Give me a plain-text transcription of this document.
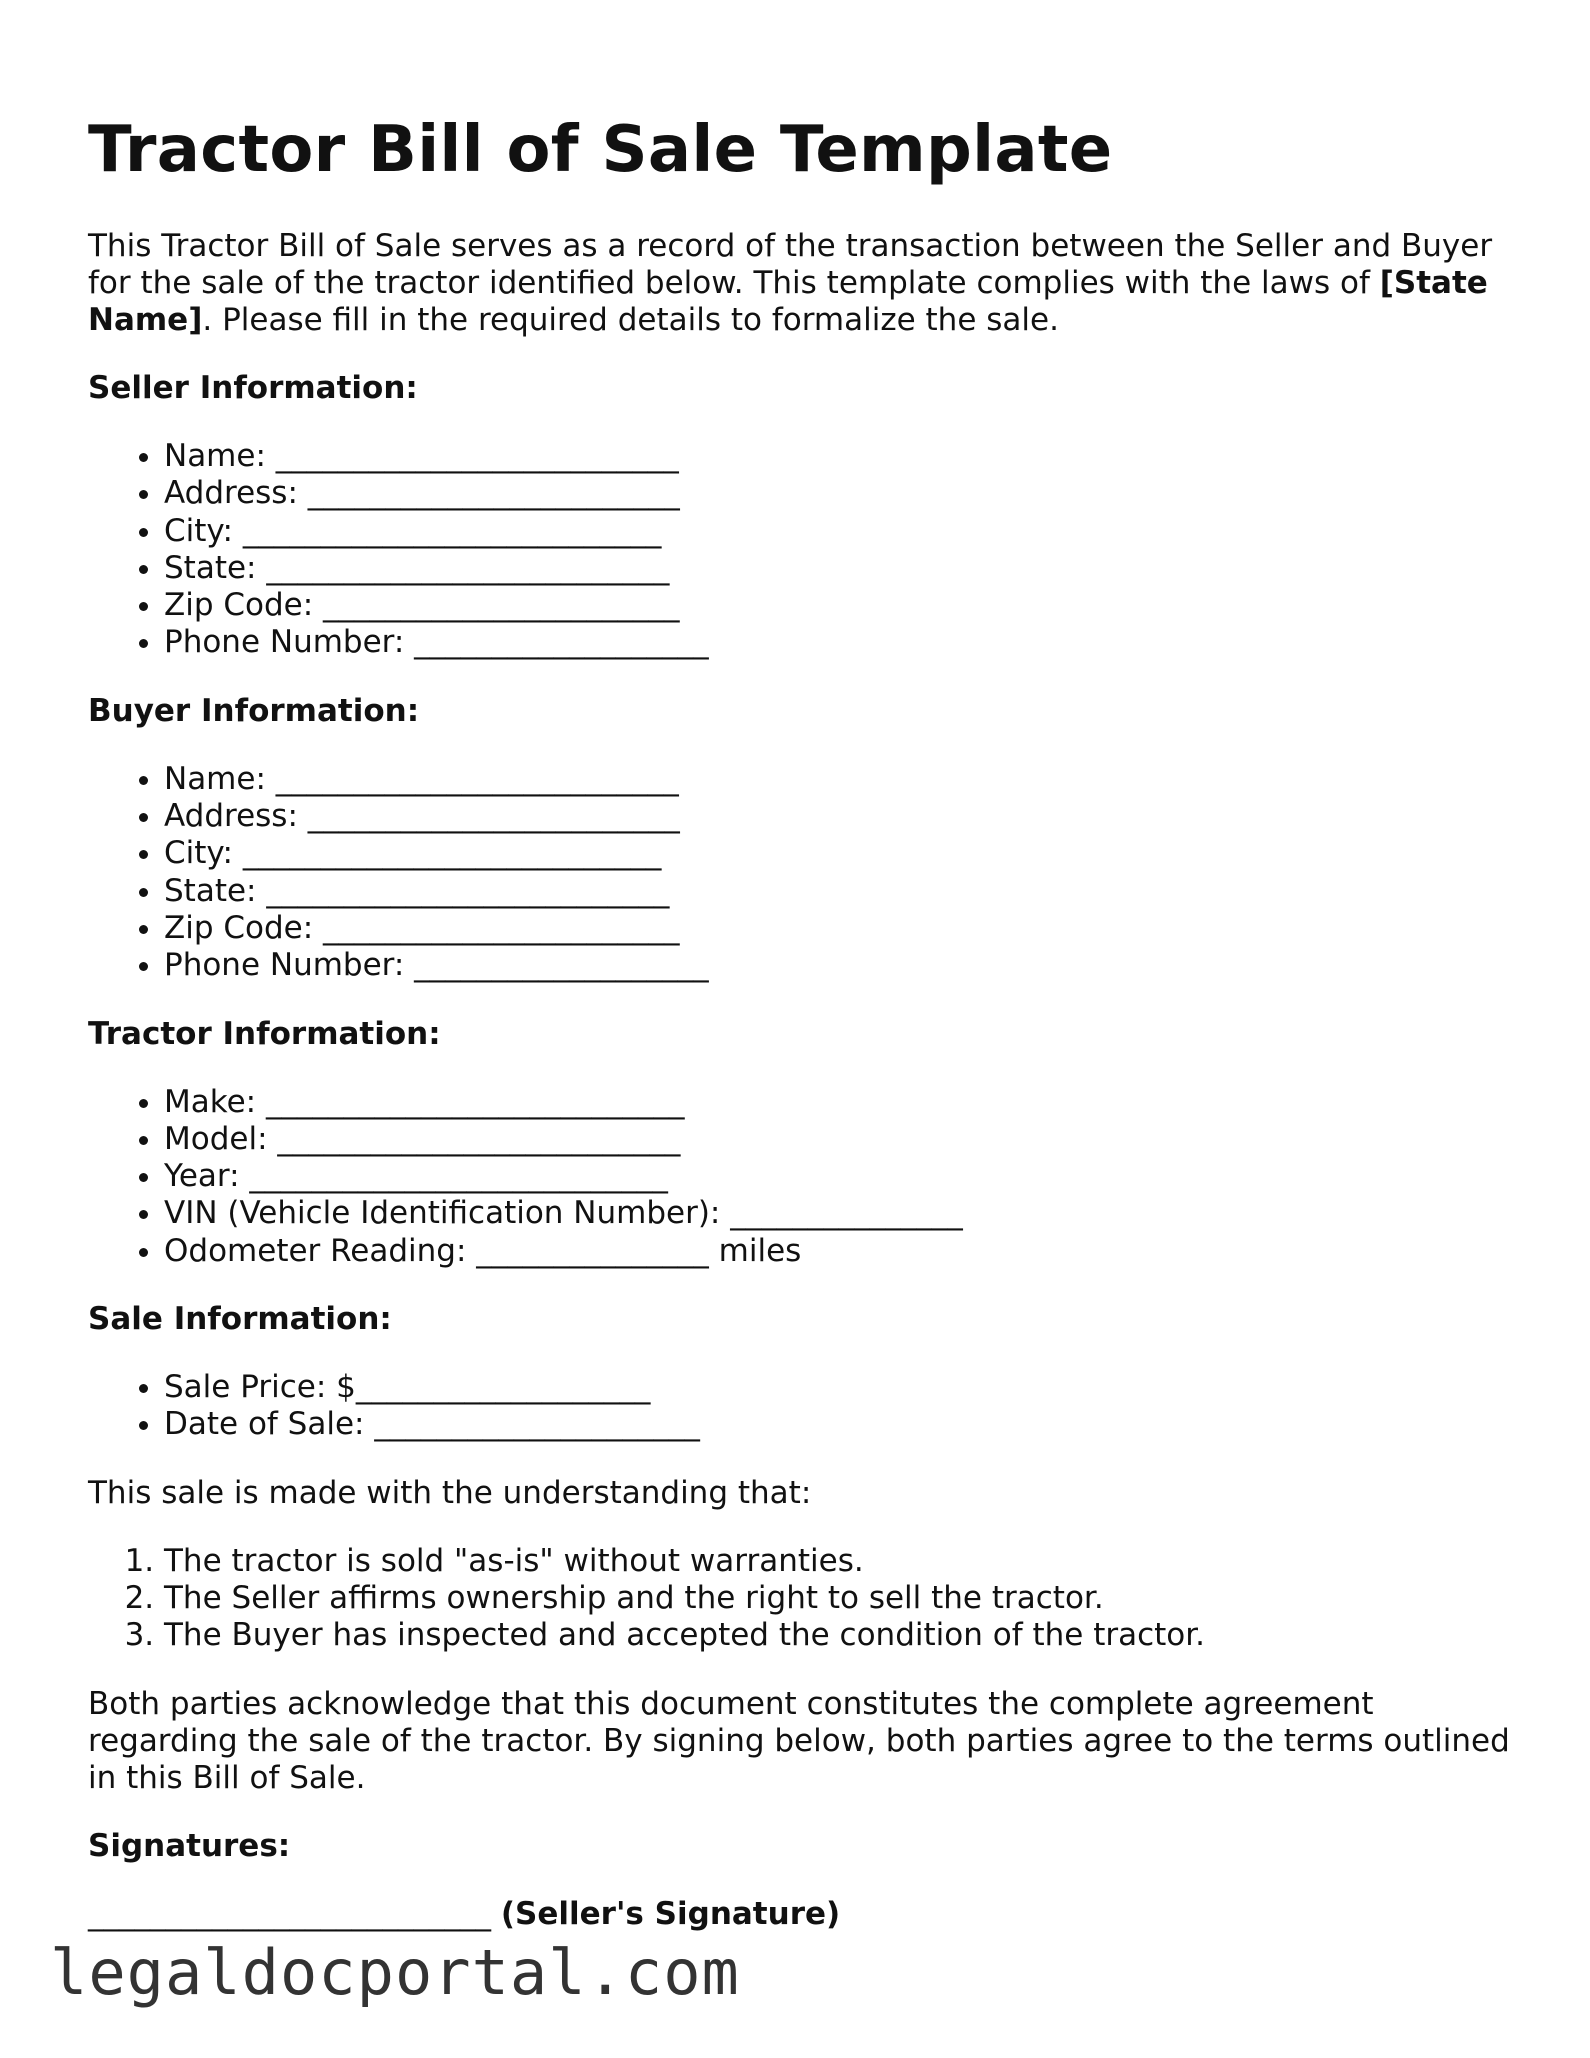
Tractor Bill of Sale Template

This Tractor Bill of Sale serves as a record of the transaction between the Seller and Buyer for the sale of the tractor identified below. This template complies with the laws of [State Name]. Please fill in the required details to formalize the sale.

Seller Information:
• Name: __________________________
• Address: ________________________
• City: ___________________________
• State: __________________________
• Zip Code: _______________________
• Phone Number: ___________________
Buyer Information:
• Name: __________________________
• Address: ________________________
• City: ___________________________
• State: __________________________
• Zip Code: _______________________
• Phone Number: ___________________
Tractor Information:
• Make: ___________________________
• Model: __________________________
• Year: ___________________________
• VIN (Vehicle Identification Number): _______________
• Odometer Reading: _______________ miles
Sale Information:
• Sale Price: $___________________
• Date of Sale: _____________________

This sale is made with the understanding that:

1. The tractor is sold "as-is" without warranties.
2. The Seller affirms ownership and the right to sell the tractor.
3. The Buyer has inspected and accepted the condition of the tractor.

Both parties acknowledge that this document constitutes the complete agreement regarding the sale of the tractor. By signing below, both parties agree to the terms outlined in this Bill of Sale.

Signatures:

__________________________ (Seller's Signature)

legaldocportal.com
